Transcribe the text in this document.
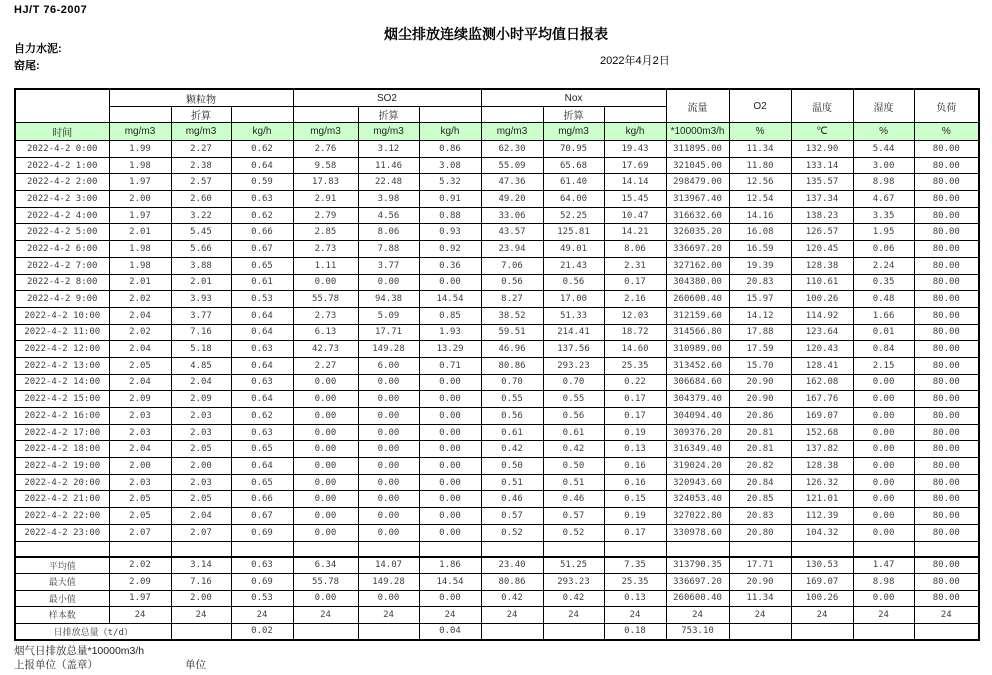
HJ/T 76-2007
烟尘排放连续监测小时平均值日报表
自力水泥:
窑尾:	2022年4月2日
	颗粒物			SO2			Nox			流量	O2	温度	湿度	负荷
		折算			折算			折算						
时间	mg/m3	mg/m3	kg/h	mg/m3	mg/m3	kg/h	mg/m3	mg/m3	kg/h	*10000m3/h	%	℃	%	%
2022-4-2 0:00	1.99	2.27	0.62	2.76	3.12	0.86	62.30	70.95	19.43	311895.00	11.34	132.90	5.44	80.00
2022-4-2 1:00	1.98	2.38	0.64	9.58	11.46	3.08	55.09	65.68	17.69	321045.00	11.80	133.14	3.00	80.00
2022-4-2 2:00	1.97	2.57	0.59	17.83	22.48	5.32	47.36	61.40	14.14	298479.00	12.56	135.57	8.98	80.00
2022-4-2 3:00	2.00	2.60	0.63	2.91	3.98	0.91	49.20	64.00	15.45	313967.40	12.54	137.34	4.67	80.00
2022-4-2 4:00	1.97	3.22	0.62	2.79	4.56	0.88	33.06	52.25	10.47	316632.60	14.16	138.23	3.35	80.00
2022-4-2 5:00	2.01	5.45	0.66	2.85	8.06	0.93	43.57	125.81	14.21	326035.20	16.08	126.57	1.95	80.00
2022-4-2 6:00	1.98	5.66	0.67	2.73	7.88	0.92	23.94	49.01	8.06	336697.20	16.59	120.45	0.06	80.00
2022-4-2 7:00	1.98	3.88	0.65	1.11	3.77	0.36	7.06	21.43	2.31	327162.00	19.39	128.38	2.24	80.00
2022-4-2 8:00	2.01	2.01	0.61	0.00	0.00	0.00	0.56	0.56	0.17	304380.00	20.83	110.61	0.35	80.00
2022-4-2 9:00	2.02	3.93	0.53	55.78	94.38	14.54	8.27	17.00	2.16	260600.40	15.97	100.26	0.48	80.00
2022-4-2 10:00	2.04	3.77	0.64	2.73	5.09	0.85	38.52	51.33	12.03	312159.60	14.12	114.92	1.66	80.00
2022-4-2 11:00	2.02	7.16	0.64	6.13	17.71	1.93	59.51	214.41	18.72	314566.80	17.88	123.64	0.01	80.00
2022-4-2 12:00	2.04	5.18	0.63	42.73	149.28	13.29	46.96	137.56	14.60	310989.00	17.59	120.43	0.84	80.00
2022-4-2 13:00	2.05	4.85	0.64	2.27	6.00	0.71	80.86	293.23	25.35	313452.60	15.70	128.41	2.15	80.00
2022-4-2 14:00	2.04	2.04	0.63	0.00	0.00	0.00	0.70	0.70	0.22	306684.60	20.90	162.08	0.00	80.00
2022-4-2 15:00	2.09	2.09	0.64	0.00	0.00	0.00	0.55	0.55	0.17	304379.40	20.90	167.76	0.00	80.00
2022-4-2 16:00	2.03	2.03	0.62	0.00	0.00	0.00	0.56	0.56	0.17	304094.40	20.86	169.07	0.00	80.00
2022-4-2 17:00	2.03	2.03	0.63	0.00	0.00	0.00	0.61	0.61	0.19	309376.20	20.81	152.68	0.00	80.00
2022-4-2 18:00	2.04	2.05	0.65	0.00	0.00	0.00	0.42	0.42	0.13	316349.40	20.81	137.82	0.00	80.00
2022-4-2 19:00	2.00	2.00	0.64	0.00	0.00	0.00	0.50	0.50	0.16	319024.20	20.82	128.38	0.00	80.00
2022-4-2 20:00	2.03	2.03	0.65	0.00	0.00	0.00	0.51	0.51	0.16	320943.60	20.84	126.32	0.00	80.00
2022-4-2 21:00	2.05	2.05	0.66	0.00	0.00	0.00	0.46	0.46	0.15	324053.40	20.85	121.01	0.00	80.00
2022-4-2 22:00	2.05	2.04	0.67	0.00	0.00	0.00	0.57	0.57	0.19	327022.80	20.83	112.39	0.00	80.00
2022-4-2 23:00	2.07	2.07	0.69	0.00	0.00	0.00	0.52	0.52	0.17	330978.60	20.80	104.32	0.00	80.00

平均值	2.02	3.14	0.63	6.34	14.07	1.86	23.40	51.25	7.35	313790.35	17.71	130.53	1.47	80.00
最大值	2.09	7.16	0.69	55.78	149.28	14.54	80.86	293.23	25.35	336697.20	20.90	169.07	8.98	80.00
最小值	1.97	2.00	0.53	0.00	0.00	0.00	0.42	0.42	0.13	260600.40	11.34	100.26	0.00	80.00
样本数	24	24	24	24	24	24	24	24	24	24	24	24	24	24
日排放总量（t/d）			0.02			0.04			0.18	753.10				
烟气日排放总量*10000m3/h
上报单位（盖章）	单位
